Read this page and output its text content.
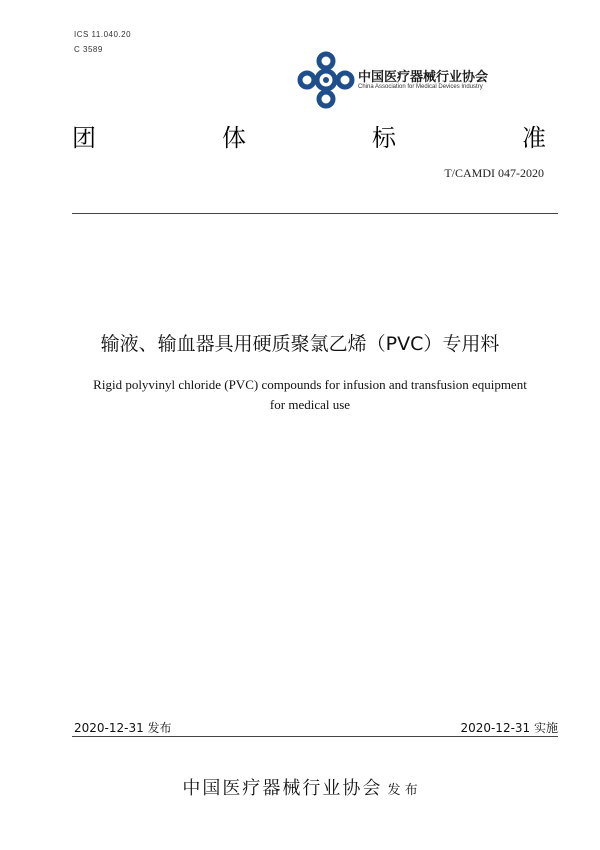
ICS 11.040.20
C 3589
中国医疗器械行业协会
China Association for Medical Devices Industry
团	体	标	准
T/CAMDI 047-2020
输液、输血器具用硬质聚氯乙烯（PVC）专用料
Rigid polyvinyl chloride (PVC) compounds for infusion and transfusion equipment
for medical use
2020-12-31 发布	2020-12-31 实施
中国医疗器械行业协会 发 布
